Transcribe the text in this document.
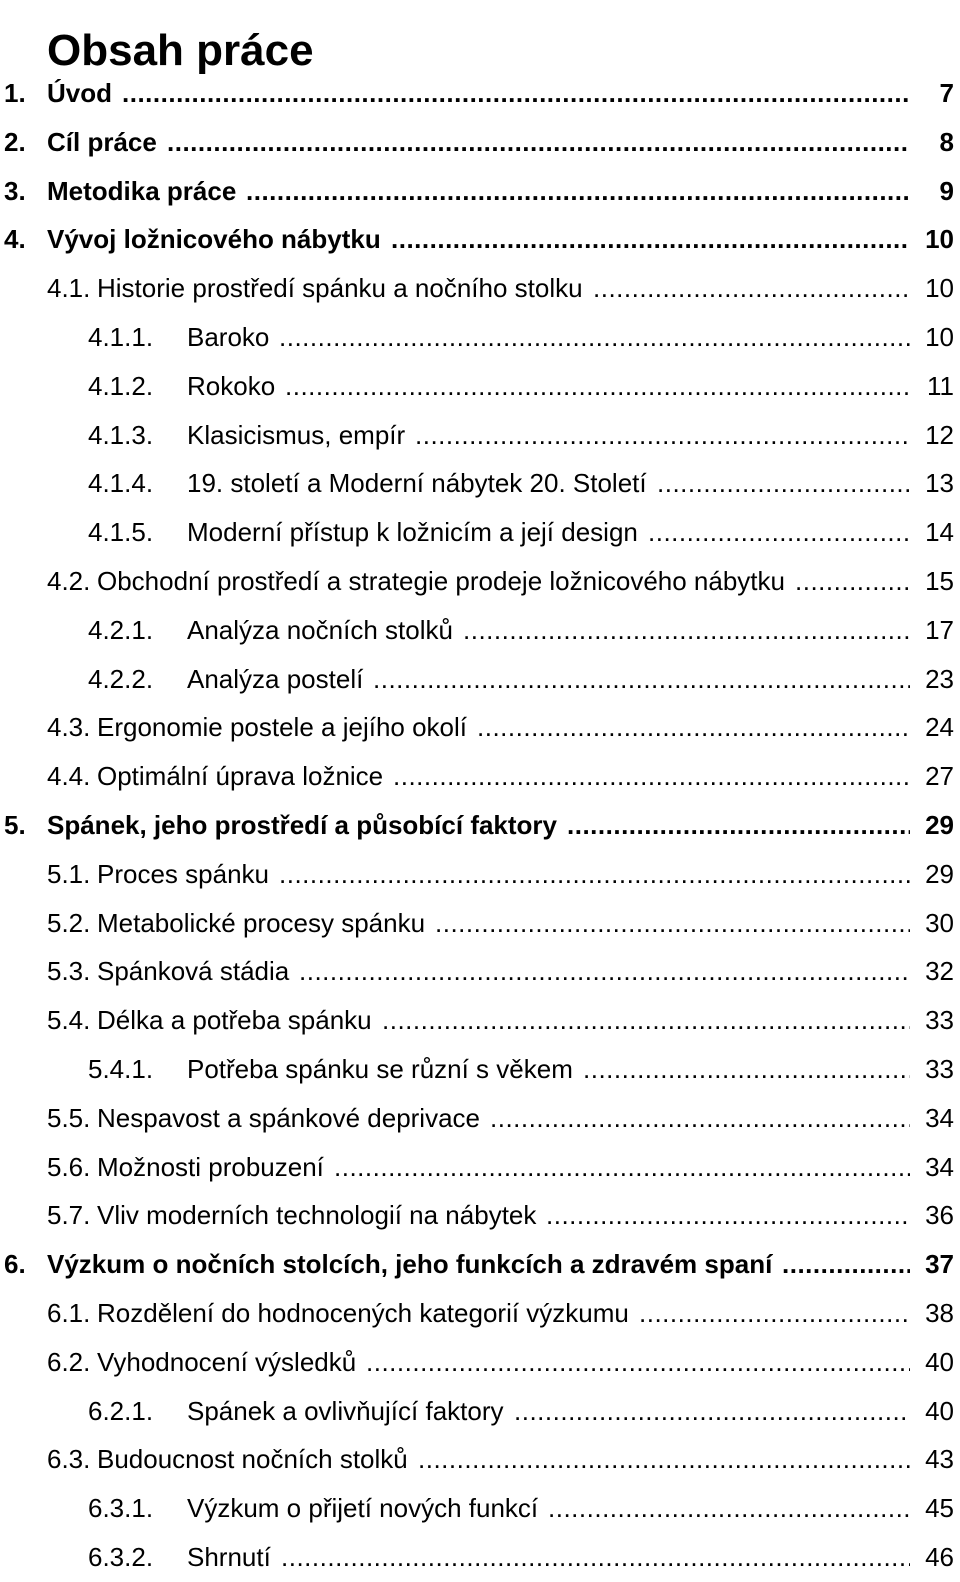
Obsah práce
1. Úvod .....	7
2. Cíl práce .....	8
3. Metodika práce .....	9
4. Vývoj ložnicového nábytku .....	10
4.1. Historie prostředí spánku a nočního stolku .....	10
4.1.1. Baroko .....	10
4.1.2. Rokoko .....	11
4.1.3. Klasicismus, empír .....	12
4.1.4. 19. století a Moderní nábytek 20. Století .....	13
4.1.5. Moderní přístup k ložnicím a její design .....	14
4.2. Obchodní prostředí a strategie prodeje ložnicového nábytku .....	15
4.2.1. Analýza nočních stolků .....	17
4.2.2. Analýza postelí .....	23
4.3. Ergonomie postele a jejího okolí .....	24
4.4. Optimální úprava ložnice .....	27
5. Spánek, jeho prostředí a působící faktory .....	29
5.1. Proces spánku .....	29
5.2. Metabolické procesy spánku .....	30
5.3. Spánková stádia .....	32
5.4. Délka a potřeba spánku .....	33
5.4.1. Potřeba spánku se různí s věkem .....	33
5.5. Nespavost a spánkové deprivace .....	34
5.6. Možnosti probuzení .....	34
5.7. Vliv moderních technologií na nábytek .....	36
6. Výzkum o nočních stolcích, jeho funkcích a zdravém spaní .....	37
6.1. Rozdělení do hodnocených kategorií výzkumu .....	38
6.2. Vyhodnocení výsledků .....	40
6.2.1. Spánek a ovlivňující faktory .....	40
6.3. Budoucnost nočních stolků .....	43
6.3.1. Výzkum o přijetí nových funkcí .....	45
6.3.2. Shrnutí .....	46
